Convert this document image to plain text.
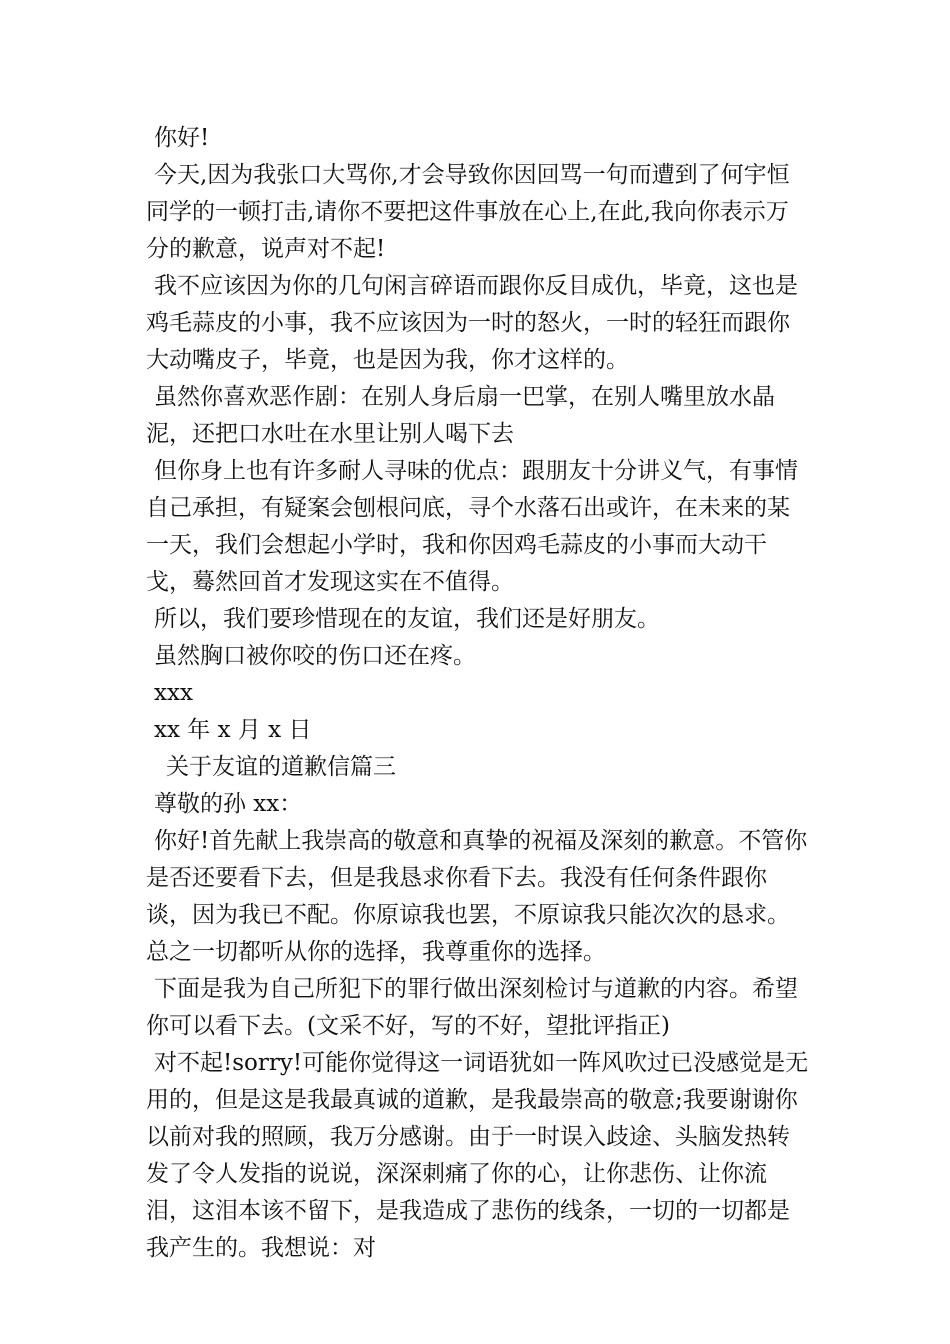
你好!

今天,因为我张口大骂你,才会导致你因回骂一句而遭到了何宇恒同学的一顿打击,请你不要把这件事放在心上,在此,我向你表示万分的歉意，说声对不起!

我不应该因为你的几句闲言碎语而跟你反目成仇，毕竟，这也是鸡毛蒜皮的小事，我不应该因为一时的怒火，一时的轻狂而跟你大动嘴皮子，毕竟，也是因为我，你才这样的。

虽然你喜欢恶作剧：在别人身后扇一巴掌，在别人嘴里放水晶泥，还把口水吐在水里让别人喝下去

但你身上也有许多耐人寻味的优点：跟朋友十分讲义气，有事情自己承担，有疑案会刨根问底，寻个水落石出或许，在未来的某一天，我们会想起小学时，我和你因鸡毛蒜皮的小事而大动干戈，蓦然回首才发现这实在不值得。

所以，我们要珍惜现在的友谊，我们还是好朋友。

虽然胸口被你咬的伤口还在疼。

xxx

xx 年 x 月 x 日

关于友谊的道歉信篇三

尊敬的孙 xx：

你好!首先献上我崇高的敬意和真挚的祝福及深刻的歉意。不管你是否还要看下去，但是我恳求你看下去。我没有任何条件跟你谈，因为我已不配。你原谅我也罢，不原谅我只能次次的恳求。总之一切都听从你的选择，我尊重你的选择。

下面是我为自己所犯下的罪行做出深刻检讨与道歉的内容。希望你可以看下去。(文采不好，写的不好，望批评指正)

对不起!sorry!可能你觉得这一词语犹如一阵风吹过已没感觉是无用的，但是这是我最真诚的道歉，是我最崇高的敬意;我要谢谢你以前对我的照顾，我万分感谢。由于一时误入歧途、头脑发热转发了令人发指的说说，深深刺痛了你的心，让你悲伤、让你流泪，这泪本该不留下，是我造成了悲伤的线条，一切的一切都是我产生的。我想说：对
